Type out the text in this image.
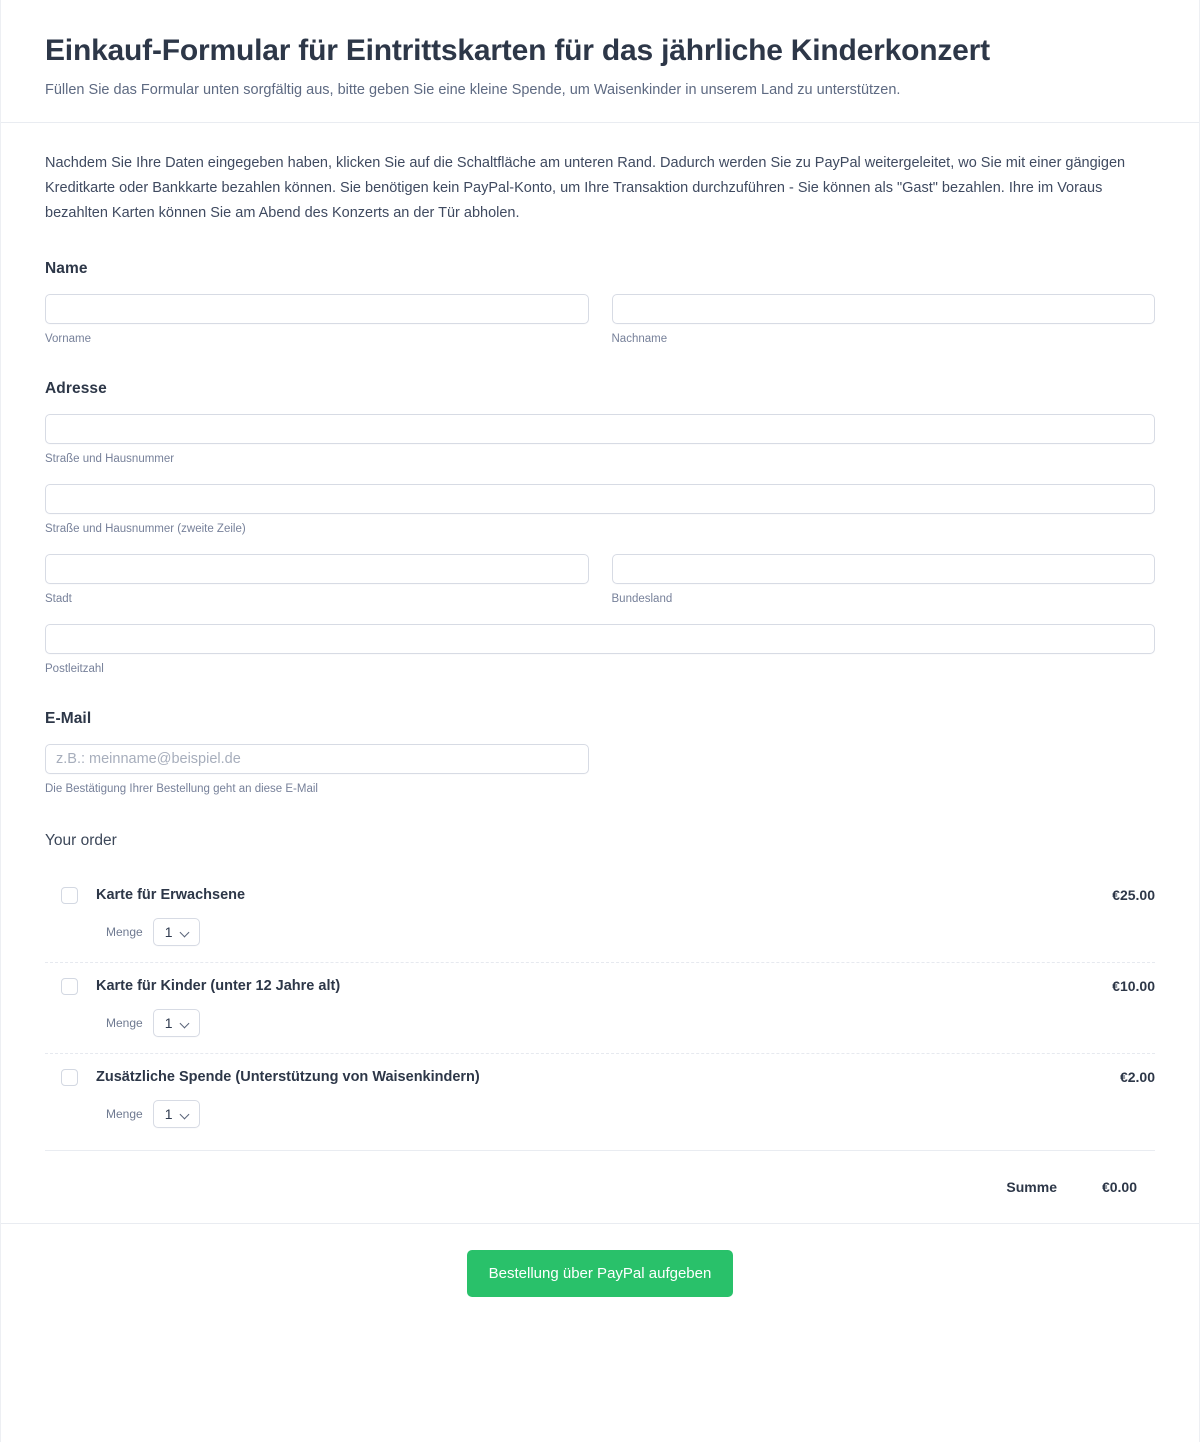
Einkauf-Formular für Eintrittskarten für das jährliche Kinderkonzert

Füllen Sie das Formular unten sorgfältig aus, bitte geben Sie eine kleine Spende, um Waisenkinder in unserem Land zu unterstützen.

Nachdem Sie Ihre Daten eingegeben haben, klicken Sie auf die Schaltfläche am unteren Rand. Dadurch werden Sie zu PayPal weitergeleitet, wo Sie mit einer gängigen Kreditkarte oder Bankkarte bezahlen können. Sie benötigen kein PayPal-Konto, um Ihre Transaktion durchzuführen - Sie können als "Gast" bezahlen. Ihre im Voraus bezahlten Karten können Sie am Abend des Konzerts an der Tür abholen.

Name
Vorname	Nachname
Adresse
Straße und Hausnummer
Straße und Hausnummer (zweite Zeile)
Stadt	Bundesland
Postleitzahl
E-Mail
z.B.: meinname@beispiel.de
Die Bestätigung Ihrer Bestellung geht an diese E-Mail
Your order
Karte für Erwachsene
Menge 1
€25.00
Karte für Kinder (unter 12 Jahre alt)
Menge 1
€10.00
Zusätzliche Spende (Unterstützung von Waisenkindern)
Menge 1
€2.00
Summe	€0.00
Bestellung über PayPal aufgeben
